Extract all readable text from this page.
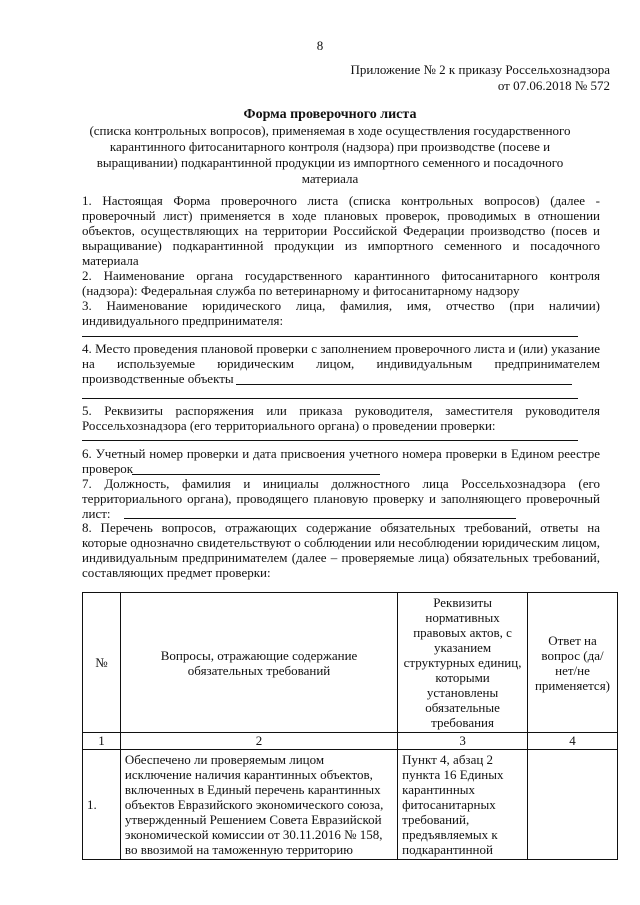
8
Приложение № 2 к приказу Россельхознадзора
от 07.06.2018 № 572
Форма проверочного листа
(списка контрольных вопросов), применяемая в ходе осуществления государственного
карантинного фитосанитарного контроля (надзора) при производстве (посеве и
выращивании) подкарантинной продукции из импортного семенного и посадочного
материала
1. Настоящая Форма проверочного листа (списка контрольных вопросов) (далее - проверочный лист) применяется в ходе плановых проверок, проводимых в отношении объектов, осуществляющих на территории Российской Федерации производство (посев и выращивание) подкарантинной продукции из импортного семенного и посадочного материала
2. Наименование органа государственного карантинного фитосанитарного контроля (надзора): Федеральная служба по ветеринарному и фитосанитарному надзору
3. Наименование юридического лица, фамилия, имя, отчество (при наличии) индивидуального предпринимателя:
4. Место проведения плановой проверки с заполнением проверочного листа и (или) указание на используемые юридическим лицом, индивидуальным предпринимателем производственные объекты
5. Реквизиты распоряжения или приказа руководителя, заместителя руководителя Россельхознадзора (его территориального органа) о проведении проверки:
6. Учетный номер проверки и дата присвоения учетного номера проверки в Едином реестре проверок
7. Должность, фамилия и инициалы должностного лица Россельхознадзора (его территориального органа), проводящего плановую проверку и заполняющего проверочный лист:
8. Перечень вопросов, отражающих содержание обязательных требований, ответы на которые однозначно свидетельствуют о соблюдении или несоблюдении юридическим лицом, индивидуальным предпринимателем (далее – проверяемые лица) обязательных требований, составляющих предмет проверки:
№	Вопросы, отражающие содержание обязательных требований	Реквизиты нормативных правовых актов, с указанием структурных единиц, которыми установлены обязательные требования	Ответ на вопрос (да/нет/не применяется)
1	2	3	4
1.	Обеспечено ли проверяемым лицом исключение наличия карантинных объектов, включенных в Единый перечень карантинных объектов Евразийского экономического союза, утвержденный Решением Совета Евразийской экономической комиссии от 30.11.2016 № 158, во ввозимой на таможенную территорию	Пункт 4, абзац 2 пункта 16 Единых карантинных фитосанитарных требований, предъявляемых к подкарантинной	
